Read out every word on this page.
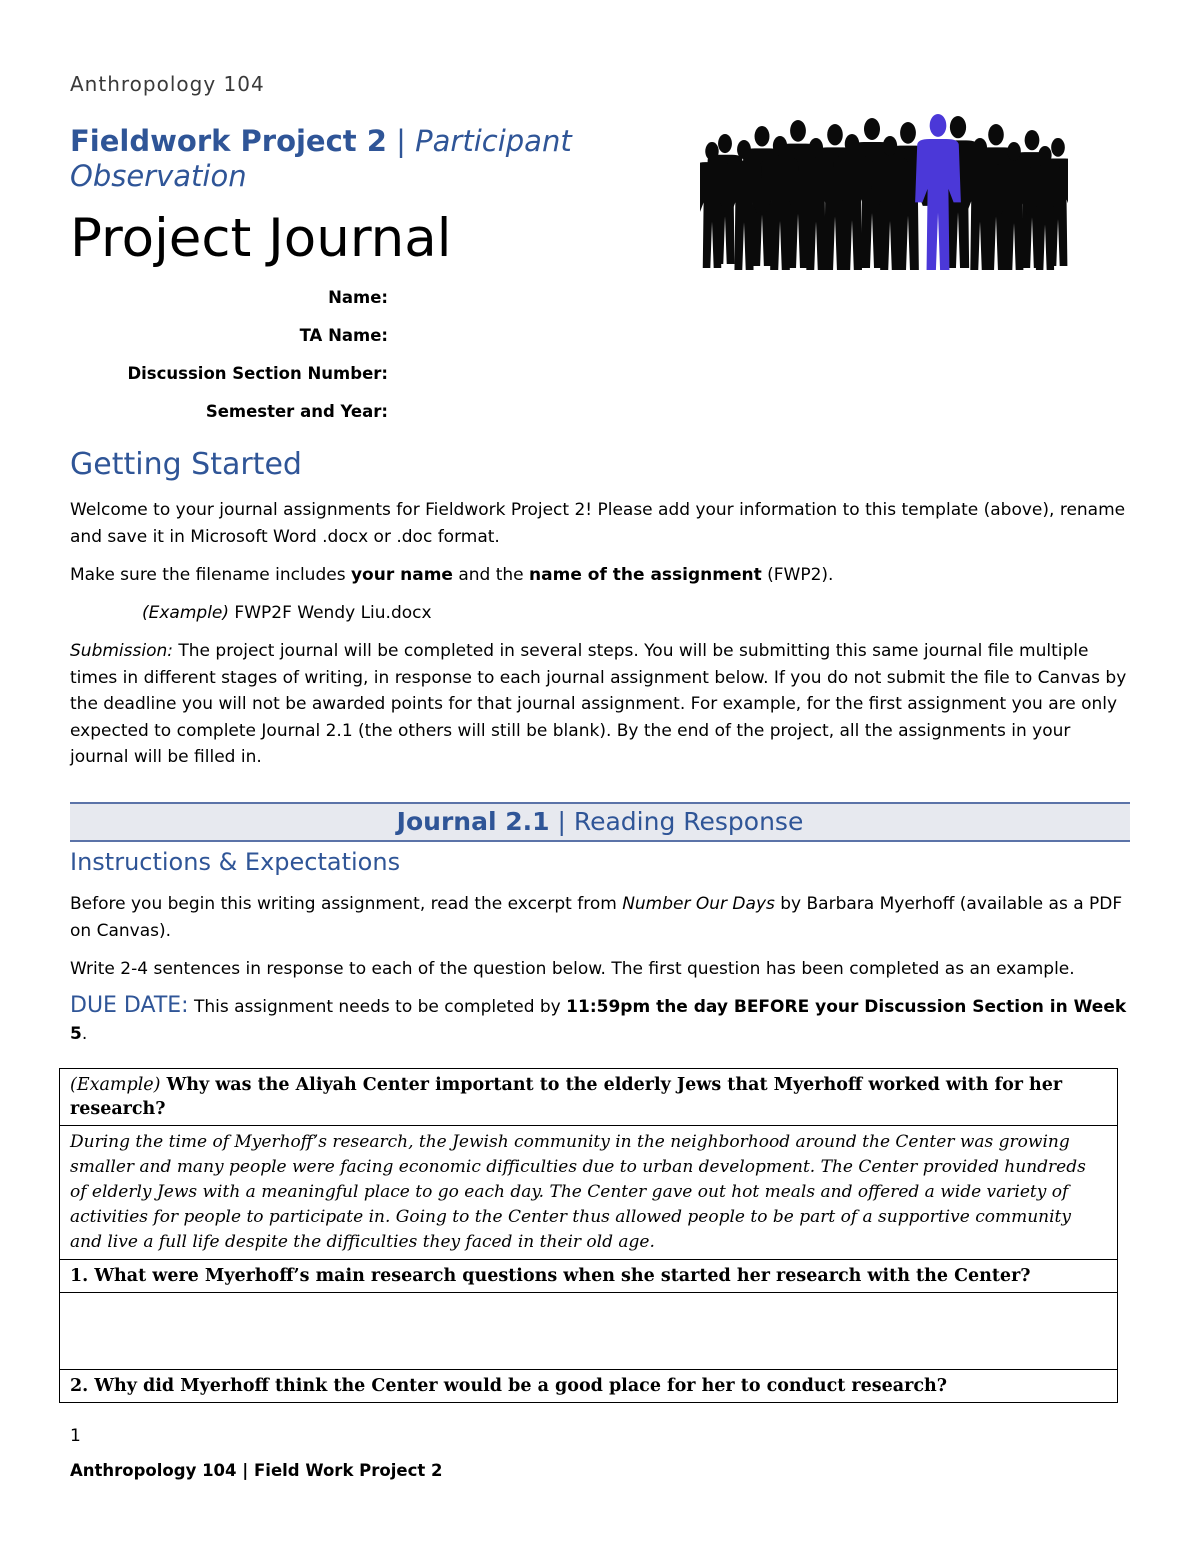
Anthropology 104
Fieldwork Project 2 | Participant Observation
Project Journal
Name:
TA Name:
Discussion Section Number:
Semester and Year:
Getting Started
Welcome to your journal assignments for Fieldwork Project 2! Please add your information to this template (above), rename and save it in Microsoft Word .docx or .doc format.
Make sure the filename includes your name and the name of the assignment (FWP2).
(Example) FWP2F Wendy Liu.docx
Submission: The project journal will be completed in several steps. You will be submitting this same journal file multiple times in different stages of writing, in response to each journal assignment below. If you do not submit the file to Canvas by the deadline you will not be awarded points for that journal assignment. For example, for the first assignment you are only expected to complete Journal 2.1 (the others will still be blank). By the end of the project, all the assignments in your journal will be filled in.
Journal 2.1 | Reading Response
Instructions & Expectations
Before you begin this writing assignment, read the excerpt from Number Our Days by Barbara Myerhoff (available as a PDF on Canvas).
Write 2-4 sentences in response to each of the question below. The first question has been completed as an example.
DUE DATE: This assignment needs to be completed by 11:59pm the day BEFORE your Discussion Section in Week 5.
(Example) Why was the Aliyah Center important to the elderly Jews that Myerhoff worked with for her research?
During the time of Myerhoff’s research, the Jewish community in the neighborhood around the Center was growing smaller and many people were facing economic difficulties due to urban development. The Center provided hundreds of elderly Jews with a meaningful place to go each day. The Center gave out hot meals and offered a wide variety of activities for people to participate in. Going to the Center thus allowed people to be part of a supportive community and live a full life despite the difficulties they faced in their old age.
1. What were Myerhoff’s main research questions when she started her research with the Center?

2. Why did Myerhoff think the Center would be a good place for her to conduct research?
1
Anthropology 104 | Field Work Project 2
